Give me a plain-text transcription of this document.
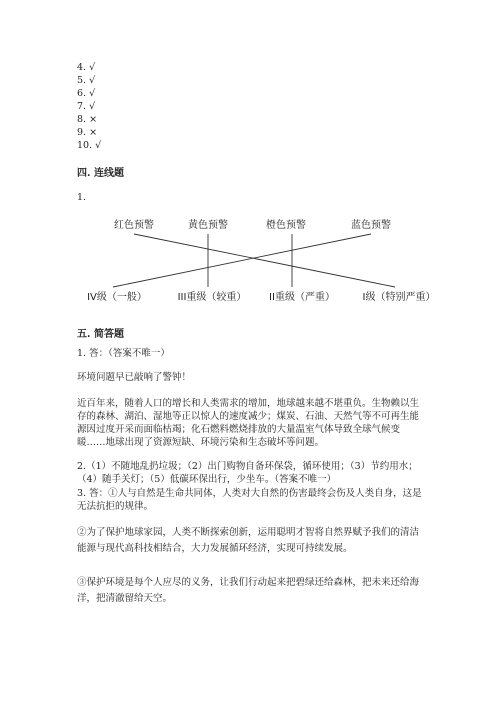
4. √
5. √
6. √
7. √
8. ×
9. ×
10. √
四. 连线题
1.
红色预警	黄色预警	橙色预警	蓝色预警
IV级（一般）	III重级（较重） II重级（严重）	I级（特别严重）
五. 简答题
1. 答：（答案不唯一）
环境问题早已敲响了警钟！
近百年来，随着人口的增长和人类需求的增加，地球越来越不堪重负。生物赖以生存的森林、湖泊、湿地等正以惊人的速度减少；煤炭、石油、天然气等不可再生能源因过度开采而面临枯竭；化石燃料燃烧排放的大量温室气体导致全球气候变暖……地球出现了资源短缺、环境污染和生态破坏等问题。
2.（1）不随地乱扔垃圾；（2）出门购物自备环保袋，循环使用；（3）节约用水；（4）随手关灯；（5）低碳环保出行，少坐车。（答案不唯一）
3. 答：①人与自然是生命共同体，人类对大自然的伤害最终会伤及人类自身，这是无法抗拒的规律。
②为了保护地球家园，人类不断探索创新，运用聪明才智将自然界赋予我们的清洁能源与现代高科技相结合，大力发展循环经济，实现可持续发展。
③保护环境是每个人应尽的义务，让我们行动起来把碧绿还给森林，把未来还给海洋，把清澈留给天空。
